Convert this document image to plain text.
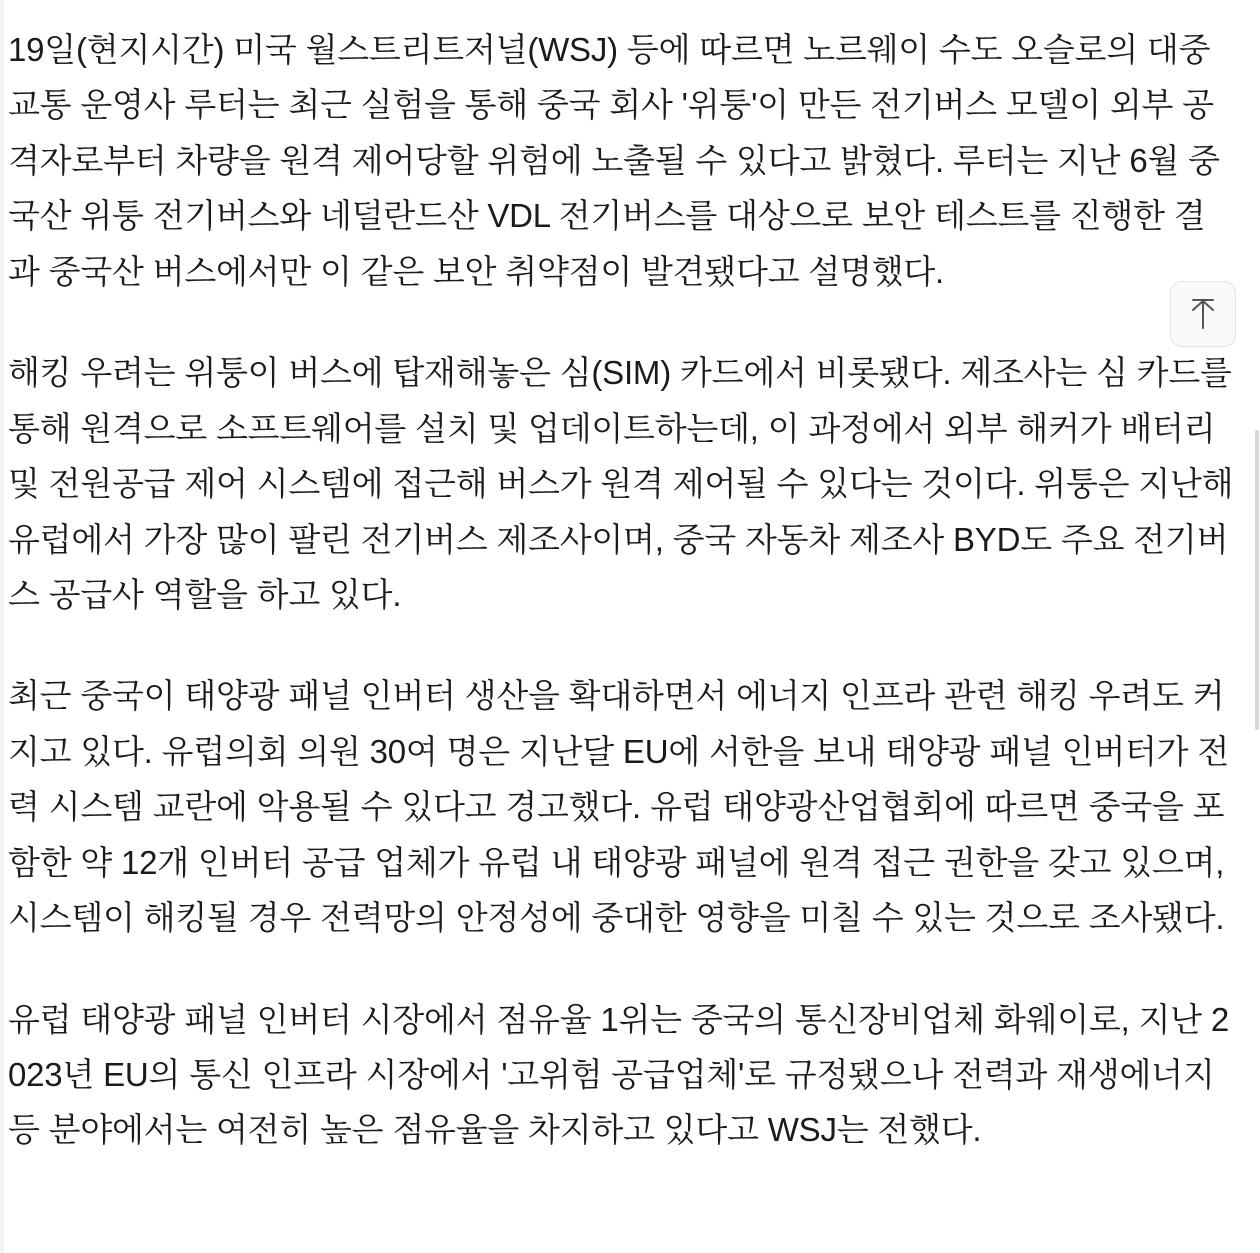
19일(현지시간) 미국 월스트리트저널(WSJ) 등에 따르면 노르웨이 수도 오슬로의 대중교통 운영사 루터는 최근 실험을 통해 중국 회사 '위퉁'이 만든 전기버스 모델이 외부 공격자로부터 차량을 원격 제어당할 위험에 노출될 수 있다고 밝혔다. 루터는 지난 6월 중국산 위퉁 전기버스와 네덜란드산 VDL 전기버스를 대상으로 보안 테스트를 진행한 결과 중국산 버스에서만 이 같은 보안 취약점이 발견됐다고 설명했다.

해킹 우려는 위퉁이 버스에 탑재해놓은 심(SIM) 카드에서 비롯됐다. 제조사는 심 카드를 통해 원격으로 소프트웨어를 설치 및 업데이트하는데, 이 과정에서 외부 해커가 배터리 및 전원공급 제어 시스템에 접근해 버스가 원격 제어될 수 있다는 것이다. 위퉁은 지난해 유럽에서 가장 많이 팔린 전기버스 제조사이며, 중국 자동차 제조사 BYD도 주요 전기버스 공급사 역할을 하고 있다.

최근 중국이 태양광 패널 인버터 생산을 확대하면서 에너지 인프라 관련 해킹 우려도 커지고 있다. 유럽의회 의원 30여 명은 지난달 EU에 서한을 보내 태양광 패널 인버터가 전력 시스템 교란에 악용될 수 있다고 경고했다. 유럽 태양광산업협회에 따르면 중국을 포함한 약 12개 인버터 공급 업체가 유럽 내 태양광 패널에 원격 접근 권한을 갖고 있으며, 시스템이 해킹될 경우 전력망의 안정성에 중대한 영향을 미칠 수 있는 것으로 조사됐다.

유럽 태양광 패널 인버터 시장에서 점유율 1위는 중국의 통신장비업체 화웨이로, 지난 2023년 EU의 통신 인프라 시장에서 '고위험 공급업체'로 규정됐으나 전력과 재생에너지 등 분야에서는 여전히 높은 점유율을 차지하고 있다고 WSJ는 전했다.
